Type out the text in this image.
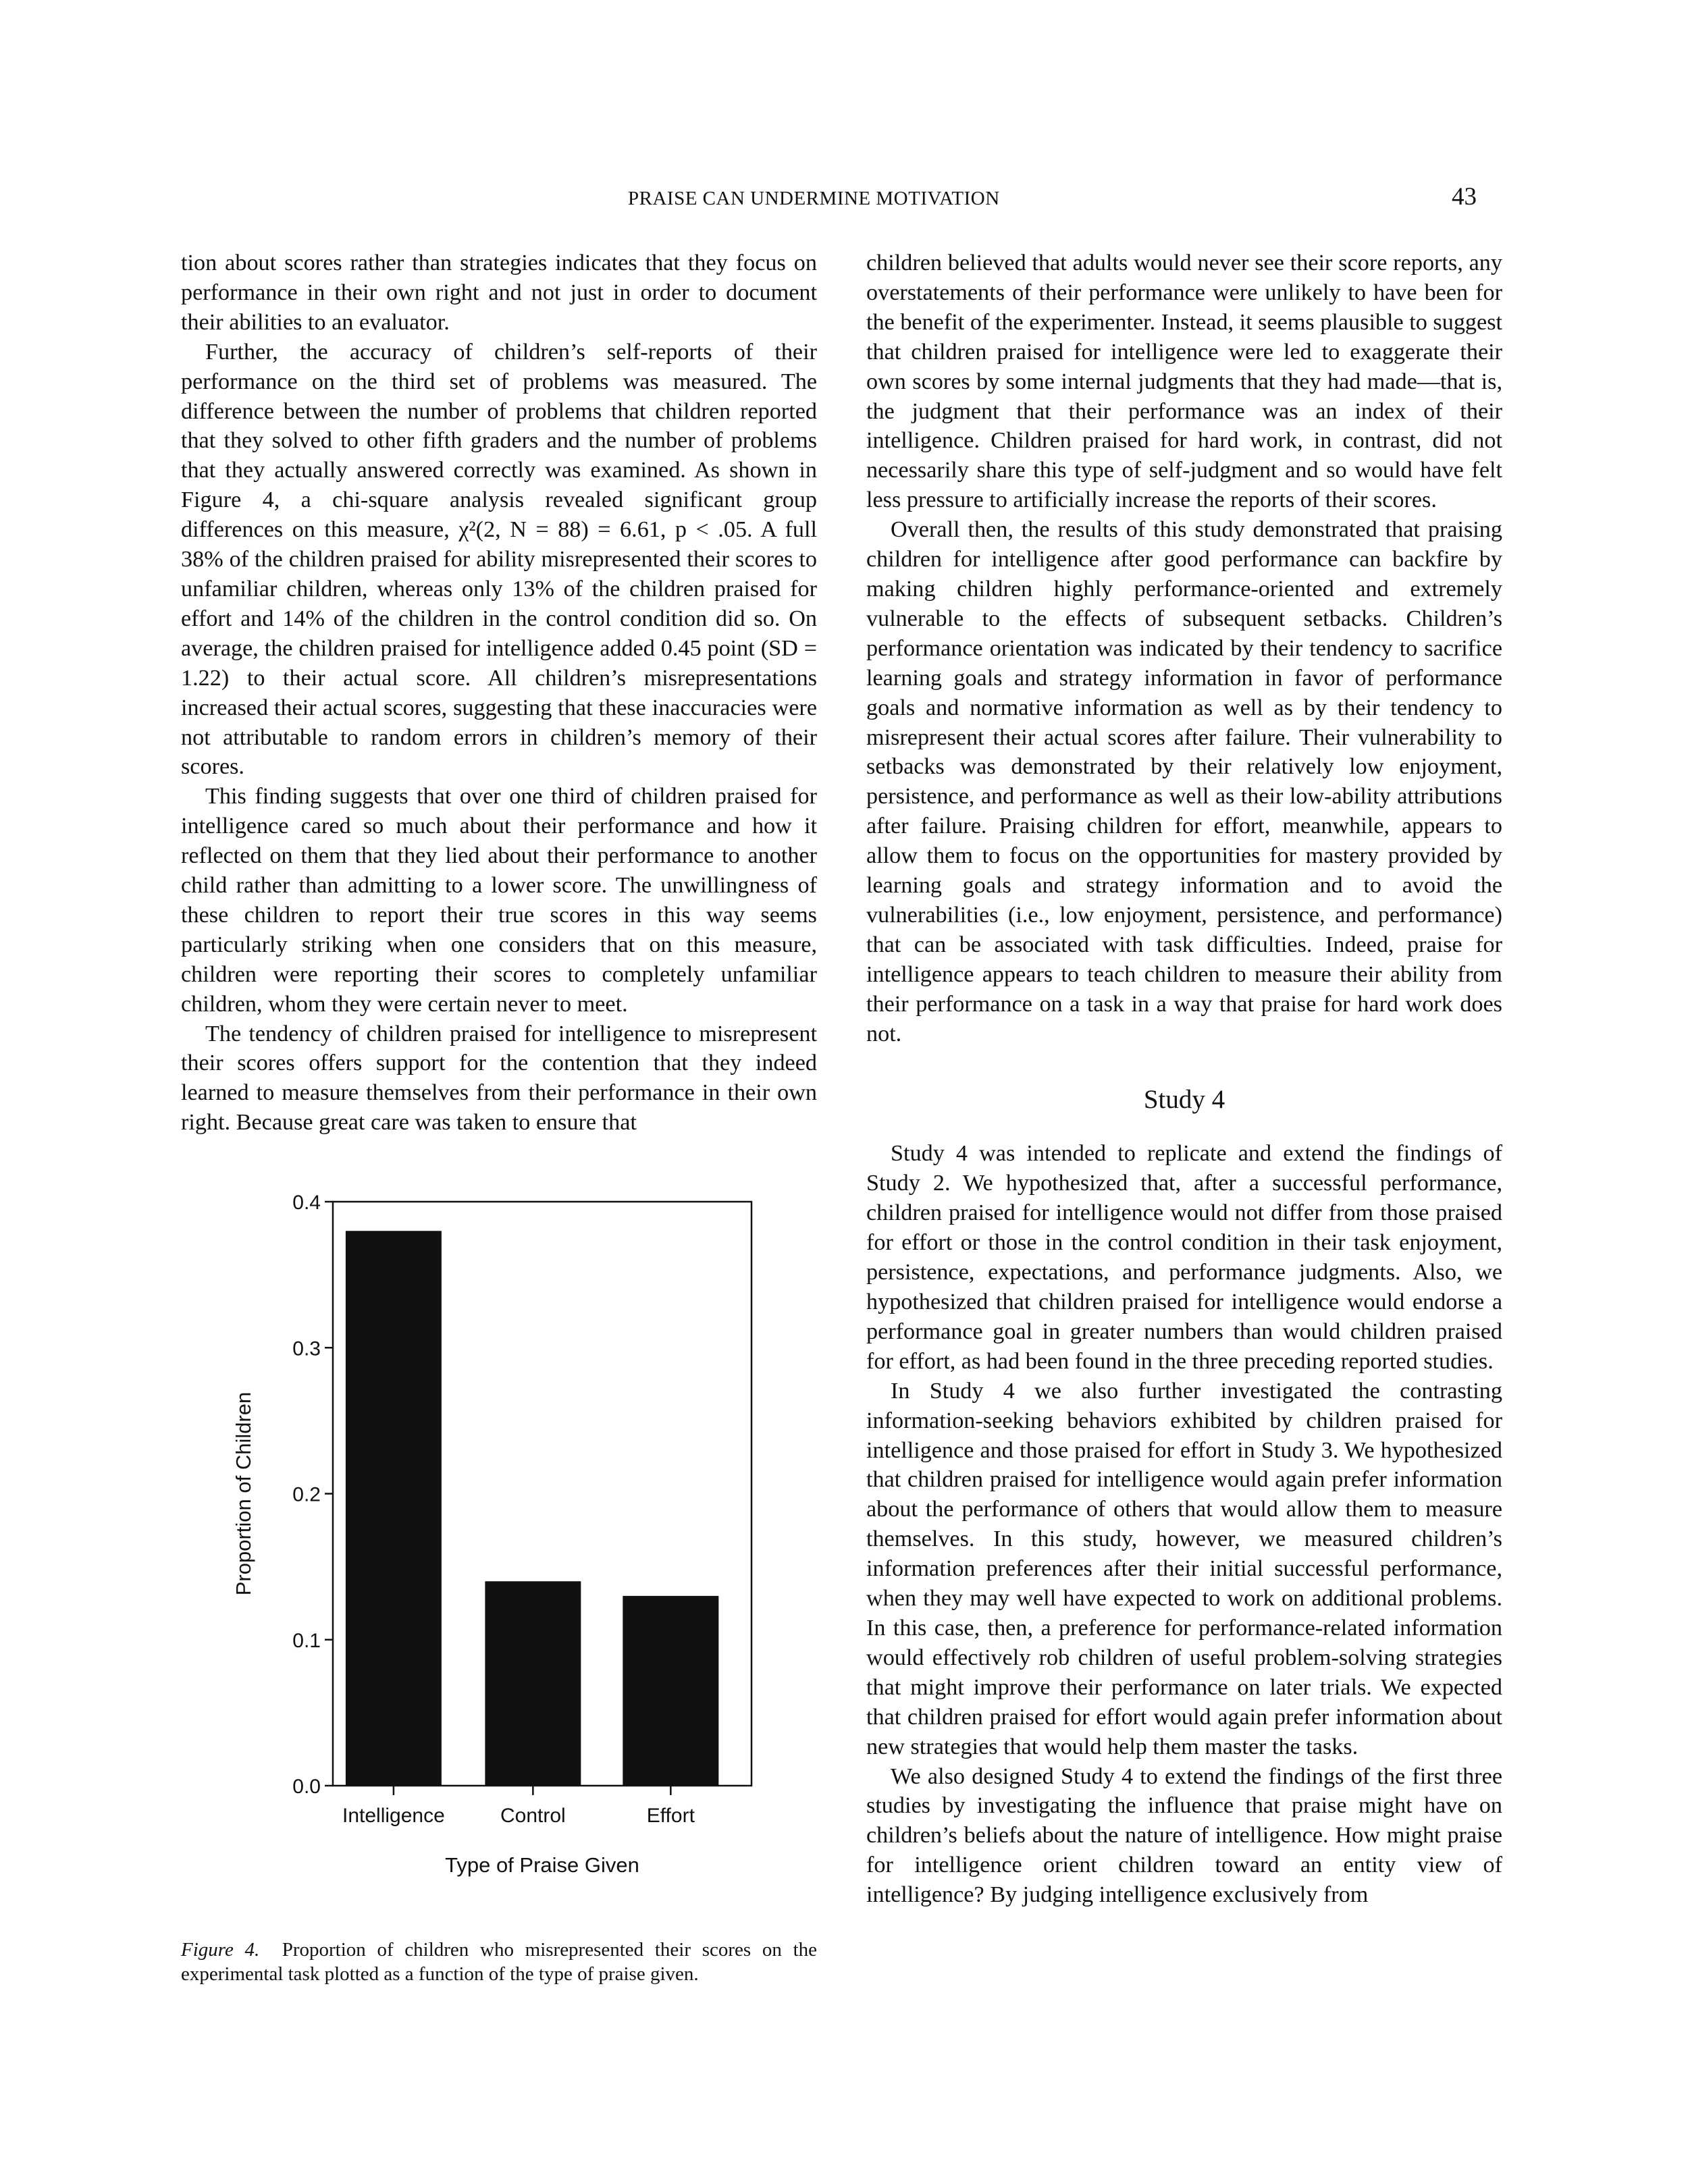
PRAISE CAN UNDERMINE MOTIVATION	43

tion about scores rather than strategies indicates that they focus on performance in their own right and not just in order to document their abilities to an evaluator.

Further, the accuracy of children’s self-reports of their performance on the third set of problems was measured. The difference between the number of problems that children reported that they solved to other fifth graders and the number of problems that they actually answered correctly was examined. As shown in Figure 4, a chi-square analysis revealed significant group differences on this measure, χ²(2, N = 88) = 6.61, p < .05. A full 38% of the children praised for ability misrepresented their scores to unfamiliar children, whereas only 13% of the children praised for effort and 14% of the children in the control condition did so. On average, the children praised for intelligence added 0.45 point (SD = 1.22) to their actual score. All children’s misrepresentations increased their actual scores, suggesting that these inaccuracies were not attributable to random errors in children’s memory of their scores.

This finding suggests that over one third of children praised for intelligence cared so much about their performance and how it reflected on them that they lied about their performance to another child rather than admitting to a lower score. The unwillingness of these children to report their true scores in this way seems particularly striking when one considers that on this measure, children were reporting their scores to completely unfamiliar children, whom they were certain never to meet.

The tendency of children praised for intelligence to misrepresent their scores offers support for the contention that they indeed learned to measure themselves from their performance in their own right. Because great care was taken to ensure that

0.0
0.1
0.2
0.3
0.4
Intelligence	Control	Effort
Type of Praise Given
Proportion of Children
Figure 4. Proportion of children who misrepresented their scores on the experimental task plotted as a function of the type of praise given.

children believed that adults would never see their score reports, any overstatements of their performance were unlikely to have been for the benefit of the experimenter. Instead, it seems plausible to suggest that children praised for intelligence were led to exaggerate their own scores by some internal judgments that they had made—that is, the judgment that their performance was an index of their intelligence. Children praised for hard work, in contrast, did not necessarily share this type of self-judgment and so would have felt less pressure to artificially increase the reports of their scores.

Overall then, the results of this study demonstrated that praising children for intelligence after good performance can backfire by making children highly performance-oriented and extremely vulnerable to the effects of subsequent setbacks. Children’s performance orientation was indicated by their tendency to sacrifice learning goals and strategy information in favor of performance goals and normative information as well as by their tendency to misrepresent their actual scores after failure. Their vulnerability to setbacks was demonstrated by their relatively low enjoyment, persistence, and performance as well as their low-ability attributions after failure. Praising children for effort, meanwhile, appears to allow them to focus on the opportunities for mastery provided by learning goals and strategy information and to avoid the vulnerabilities (i.e., low enjoyment, persistence, and performance) that can be associated with task difficulties. Indeed, praise for intelligence appears to teach children to measure their ability from their performance on a task in a way that praise for hard work does not.

Study 4

Study 4 was intended to replicate and extend the findings of Study 2. We hypothesized that, after a successful performance, children praised for intelligence would not differ from those praised for effort or those in the control condition in their task enjoyment, persistence, expectations, and performance judgments. Also, we hypothesized that children praised for intelligence would endorse a performance goal in greater numbers than would children praised for effort, as had been found in the three preceding reported studies.

In Study 4 we also further investigated the contrasting information-seeking behaviors exhibited by children praised for intelligence and those praised for effort in Study 3. We hypothesized that children praised for intelligence would again prefer information about the performance of others that would allow them to measure themselves. In this study, however, we measured children’s information preferences after their initial successful performance, when they may well have expected to work on additional problems. In this case, then, a preference for performance-related information would effectively rob children of useful problem-solving strategies that might improve their performance on later trials. We expected that children praised for effort would again prefer information about new strategies that would help them master the tasks.

We also designed Study 4 to extend the findings of the first three studies by investigating the influence that praise might have on children’s beliefs about the nature of intelligence. How might praise for intelligence orient children toward an entity view of intelligence? By judging intelligence exclusively from
